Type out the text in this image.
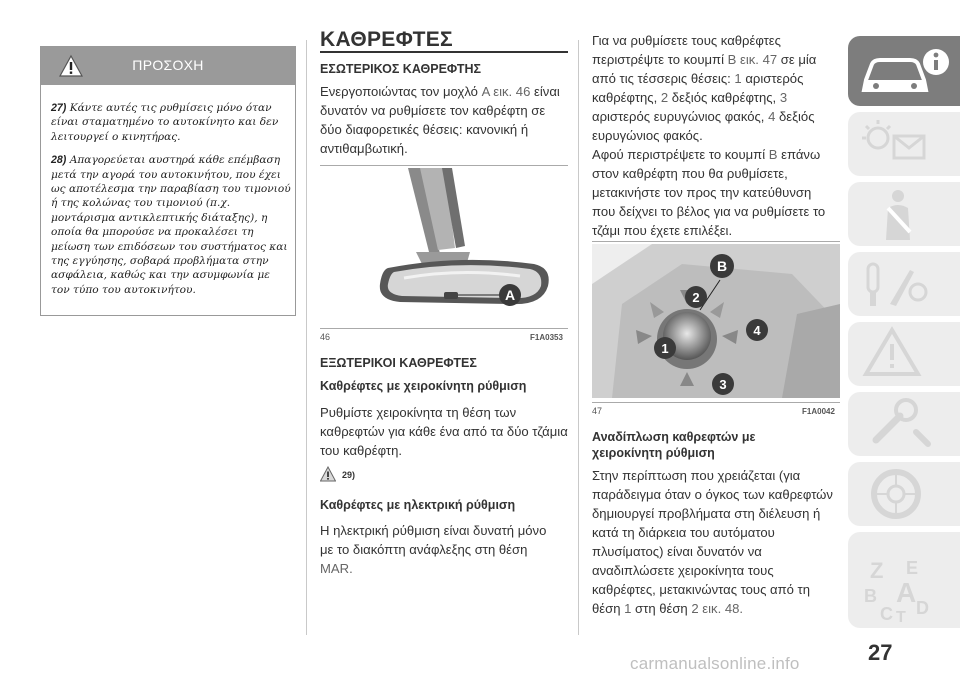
ΠΡΟΣΟΧΗ

27) Κάντε αυτές τις ρυθμίσεις μόνο όταν είναι σταματημένο το αυτοκίνητο και δεν λειτουργεί ο κινητήρας.

28) Απαγορεύεται αυστηρά κάθε επέμβαση μετά την αγορά του αυτοκινήτου, που έχει ως αποτέλεσμα την παραβίαση του τιμονιού ή της κολώνας του τιμονιού (π.χ. μοντάρισμα αντικλεπτικής διάταξης), η οποία θα μπορούσε να προκαλέσει τη μείωση των επιδόσεων του συστήματος και της εγγύησης, σοβαρά προβλήματα στην ασφάλεια, καθώς και την ασυμφωνία με τον τύπο του αυτοκινήτου.

ΚΑΘΡΕΦΤΕΣ
ΕΣΩΤΕΡΙΚΟΣ ΚΑΘΡΕΦΤΗΣ
Ενεργοποιώντας τον μοχλό A εικ. 46 είναι δυνατόν να ρυθμίσετε τον καθρέφτη σε δύο διαφορετικές θέσεις: κανονική ή αντιθαμβωτική.
A
46	F1A0353
ΕΞΩΤΕΡΙΚΟΙ ΚΑΘΡΕΦΤΕΣ
Καθρέφτες με χειροκίνητη ρύθμιση
Ρυθμίστε χειροκίνητα τη θέση των καθρεφτών για κάθε ένα από τα δύο τζάμια του καθρέφτη.
29)
Καθρέφτες με ηλεκτρική ρύθμιση
Η ηλεκτρική ρύθμιση είναι δυνατή μόνο με το διακόπτη ανάφλεξης στη θέση MAR.
Για να ρυθμίσετε τους καθρέφτες
περιστρέψτε το κουμπί B εικ. 47 σε μία
από τις τέσσερις θέσεις: 1 αριστερός
καθρέφτης, 2 δεξιός καθρέφτης, 3
αριστερός ευρυγώνιος φακός, 4 δεξιός
ευρυγώνιος φακός.
Αφού περιστρέψετε το κουμπί B επάνω στον καθρέφτη που θα ρυθμίσετε, μετακινήστε τον προς την κατεύθυνση που δείχνει το βέλος για να ρυθμίσετε το τζάμι που έχετε επιλέξει.
B
2
4
1
3
47	F1A0042
Αναδίπλωση καθρεφτών με
χειροκίνητη ρύθμιση
Στην περίπτωση που χρειάζεται (για παράδειγμα όταν ο όγκος των καθρεφτών δημιουργεί προβλήματα στη διέλευση ή κατά τη διάρκεια του αυτόματου πλυσίματος) είναι δυνατόν να αναδιπλώσετε χειροκίνητα τους καθρέφτες, μετακινώντας τους από τη θέση 1 στη θέση 2 εικ. 48.
Z E
B A
C T D
27
carmanualsonline.info
